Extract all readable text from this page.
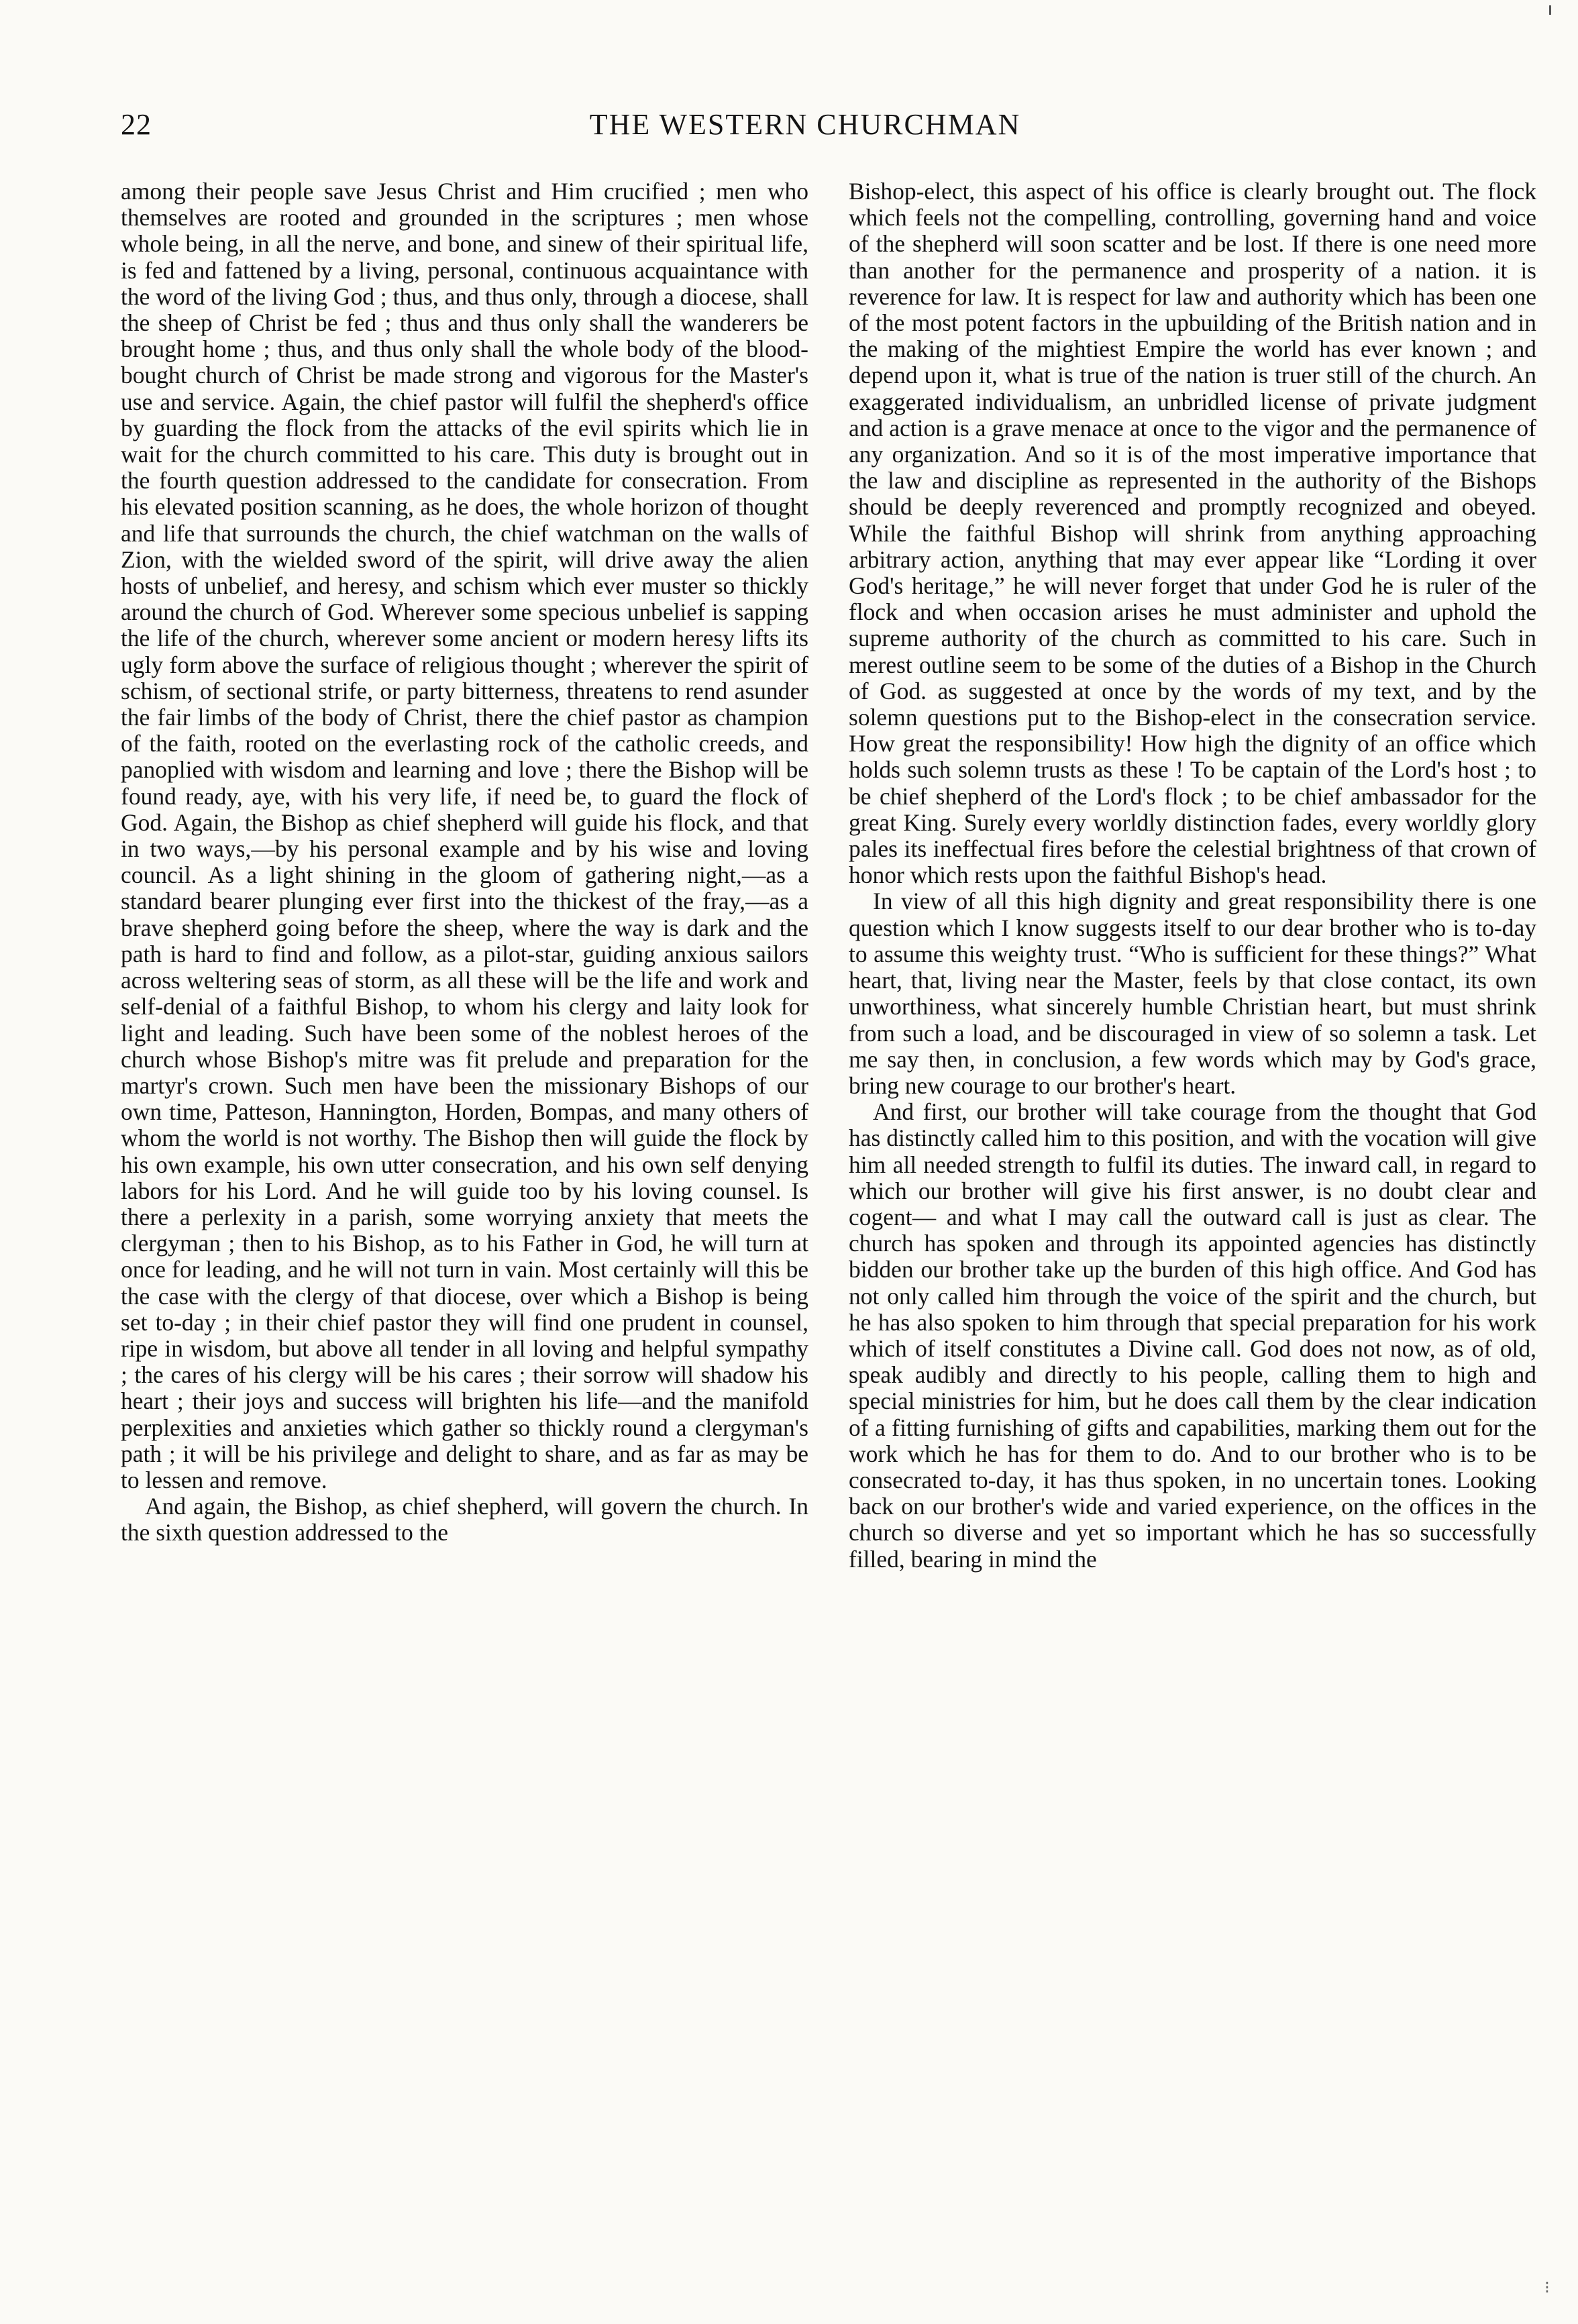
22	THE WESTERN CHURCHMAN

among their people save Jesus Christ and Him crucified ; men who themselves are rooted and grounded in the scriptures ; men whose whole being, in all the nerve, and bone, and sinew of their spiritual life, is fed and fattened by a living, personal, continuous acquaintance with the word of the living God ; thus, and thus only, through a diocese, shall the sheep of Christ be fed ; thus and thus only shall the wanderers be brought home ; thus, and thus only shall the whole body of the blood-bought church of Christ be made strong and vigorous for the Master's use and service. Again, the chief pastor will fulfil the shepherd's office by guarding the flock from the attacks of the evil spirits which lie in wait for the church committed to his care. This duty is brought out in the fourth question addressed to the candidate for consecration. From his elevated position scanning, as he does, the whole horizon of thought and life that surrounds the church, the chief watchman on the walls of Zion, with the wielded sword of the spirit, will drive away the alien hosts of unbelief, and heresy, and schism which ever muster so thickly around the church of God. Wherever some specious unbelief is sapping the life of the church, wherever some ancient or modern heresy lifts its ugly form above the surface of religious thought ; wherever the spirit of schism, of sectional strife, or party bitterness, threatens to rend asunder the fair limbs of the body of Christ, there the chief pastor as champion of the faith, rooted on the everlasting rock of the catholic creeds, and panoplied with wisdom and learning and love ; there the Bishop will be found ready, aye, with his very life, if need be, to guard the flock of God. Again, the Bishop as chief shepherd will guide his flock, and that in two ways,—by his personal example and by his wise and loving council. As a light shining in the gloom of gathering night,—as a standard bearer plunging ever first into the thickest of the fray,—as a brave shepherd going before the sheep, where the way is dark and the path is hard to find and follow, as a pilot-star, guiding anxious sailors across weltering seas of storm, as all these will be the life and work and self-denial of a faithful Bishop, to whom his clergy and laity look for light and leading. Such have been some of the noblest heroes of the church whose Bishop's mitre was fit prelude and preparation for the martyr's crown. Such men have been the missionary Bishops of our own time, Patteson, Hannington, Horden, Bompas, and many others of whom the world is not worthy. The Bishop then will guide the flock by his own example, his own utter consecration, and his own self denying labors for his Lord. And he will guide too by his loving counsel. Is there a perlexity in a parish, some worrying anxiety that meets the clergyman ; then to his Bishop, as to his Father in God, he will turn at once for leading, and he will not turn in vain. Most certainly will this be the case with the clergy of that diocese, over which a Bishop is being set to-day ; in their chief pastor they will find one prudent in counsel, ripe in wisdom, but above all tender in all loving and helpful sympathy ; the cares of his clergy will be his cares ; their sorrow will shadow his heart ; their joys and success will brighten his life—and the manifold perplexities and anxieties which gather so thickly round a clergyman's path ; it will be his privilege and delight to share, and as far as may be to lessen and remove.

And again, the Bishop, as chief shepherd, will govern the church. In the sixth question addressed to the

Bishop-elect, this aspect of his office is clearly brought out. The flock which feels not the compelling, controlling, governing hand and voice of the shepherd will soon scatter and be lost. If there is one need more than another for the permanence and prosperity of a nation. it is reverence for law. It is respect for law and authority which has been one of the most potent factors in the upbuilding of the British nation and in the making of the mightiest Empire the world has ever known ; and depend upon it, what is true of the nation is truer still of the church. An exaggerated individualism, an unbridled license of private judgment and action is a grave menace at once to the vigor and the permanence of any organization. And so it is of the most imperative importance that the law and discipline as represented in the authority of the Bishops should be deeply reverenced and promptly recognized and obeyed. While the faithful Bishop will shrink from anything approaching arbitrary action, anything that may ever appear like “Lording it over God's heritage,” he will never forget that under God he is ruler of the flock and when occasion arises he must administer and uphold the supreme authority of the church as committed to his care. Such in merest outline seem to be some of the duties of a Bishop in the Church of God. as suggested at once by the words of my text, and by the solemn questions put to the Bishop-elect in the consecration service. How great the responsibility! How high the dignity of an office which holds such solemn trusts as these ! To be captain of the Lord's host ; to be chief shepherd of the Lord's flock ; to be chief ambassador for the great King. Surely every worldly distinction fades, every worldly glory pales its ineffectual fires before the celestial brightness of that crown of honor which rests upon the faithful Bishop's head.

In view of all this high dignity and great responsibility there is one question which I know suggests itself to our dear brother who is to-day to assume this weighty trust. “Who is sufficient for these things?” What heart, that, living near the Master, feels by that close contact, its own unworthiness, what sincerely humble Christian heart, but must shrink from such a load, and be discouraged in view of so solemn a task. Let me say then, in conclusion, a few words which may by God's grace, bring new courage to our brother's heart.

And first, our brother will take courage from the thought that God has distinctly called him to this position, and with the vocation will give him all needed strength to fulfil its duties. The inward call, in regard to which our brother will give his first answer, is no doubt clear and cogent— and what I may call the outward call is just as clear. The church has spoken and through its appointed agencies has distinctly bidden our brother take up the burden of this high office. And God has not only called him through the voice of the spirit and the church, but he has also spoken to him through that special preparation for his work which of itself constitutes a Divine call. God does not now, as of old, speak audibly and directly to his people, calling them to high and special ministries for him, but he does call them by the clear indication of a fitting furnishing of gifts and capabilities, marking them out for the work which he has for them to do. And to our brother who is to be consecrated to-day, it has thus spoken, in no uncertain tones. Looking back on our brother's wide and varied experience, on the offices in the church so diverse and yet so important which he has so successfully filled, bearing in mind the

⁝
